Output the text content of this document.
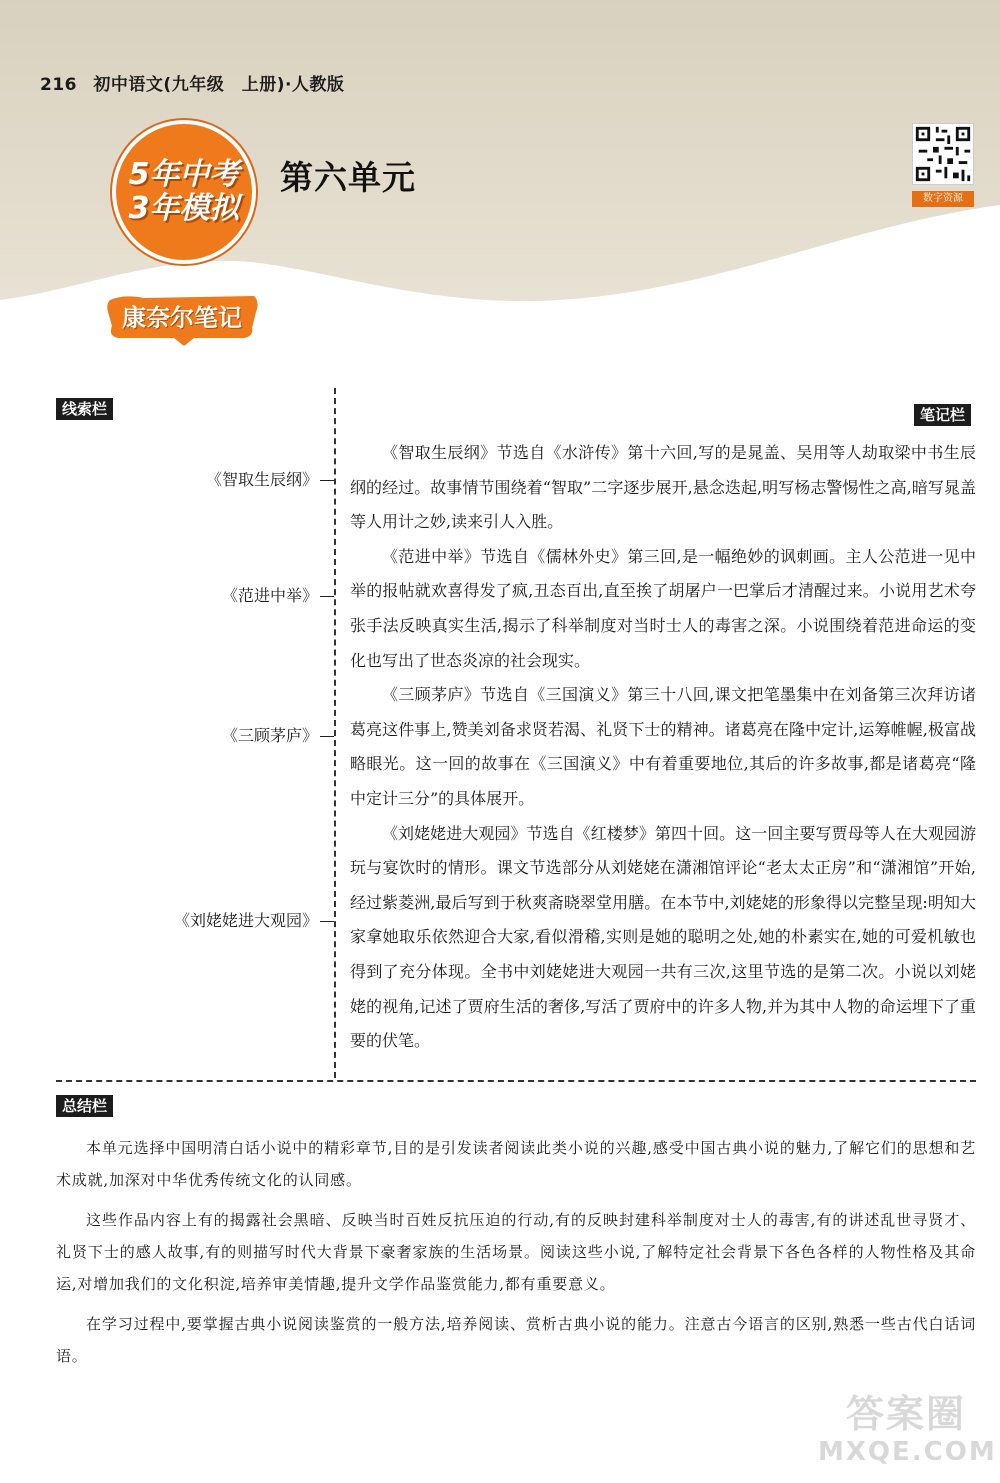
216 初中语文(九年级　上册)·人教版
5年中考
3年模拟
第六单元
数字资源
康奈尔笔记
线索栏	笔记栏
《智取生辰纲》
《范进中举》
《三顾茅庐》
《刘姥姥进大观园》

《智取生辰纲》节选自《水浒传》第十六回,写的是晁盖、吴用等人劫取梁中书生辰纲的经过。故事情节围绕着“智取”二字逐步展开,悬念迭起,明写杨志警惕性之高,暗写晁盖等人用计之妙,读来引人入胜。

《范进中举》节选自《儒林外史》第三回,是一幅绝妙的讽刺画。主人公范进一见中举的报帖就欢喜得发了疯,丑态百出,直至挨了胡屠户一巴掌后才清醒过来。小说用艺术夸张手法反映真实生活,揭示了科举制度对当时士人的毒害之深。小说围绕着范进命运的变化也写出了世态炎凉的社会现实。

《三顾茅庐》节选自《三国演义》第三十八回,课文把笔墨集中在刘备第三次拜访诸葛亮这件事上,赞美刘备求贤若渴、礼贤下士的精神。诸葛亮在隆中定计,运筹帷幄,极富战略眼光。这一回的故事在《三国演义》中有着重要地位,其后的许多故事,都是诸葛亮“隆中定计三分”的具体展开。

《刘姥姥进大观园》节选自《红楼梦》第四十回。这一回主要写贾母等人在大观园游玩与宴饮时的情形。课文节选部分从刘姥姥在潇湘馆评论“老太太正房”和“潇湘馆”开始,经过紫菱洲,最后写到于秋爽斋晓翠堂用膳。在本节中,刘姥姥的形象得以完整呈现:明知大家拿她取乐依然迎合大家,看似滑稽,实则是她的聪明之处,她的朴素实在,她的可爱机敏也得到了充分体现。全书中刘姥姥进大观园一共有三次,这里节选的是第二次。小说以刘姥姥的视角,记述了贾府生活的奢侈,写活了贾府中的许多人物,并为其中人物的命运埋下了重要的伏笔。

总结栏

本单元选择中国明清白话小说中的精彩章节,目的是引发读者阅读此类小说的兴趣,感受中国古典小说的魅力,了解它们的思想和艺术成就,加深对中华优秀传统文化的认同感。

这些作品内容上有的揭露社会黑暗、反映当时百姓反抗压迫的行动,有的反映封建科举制度对士人的毒害,有的讲述乱世寻贤才、礼贤下士的感人故事,有的则描写时代大背景下豪奢家族的生活场景。阅读这些小说,了解特定社会背景下各色各样的人物性格及其命运,对增加我们的文化积淀,培养审美情趣,提升文学作品鉴赏能力,都有重要意义。

在学习过程中,要掌握古典小说阅读鉴赏的一般方法,培养阅读、赏析古典小说的能力。注意古今语言的区别,熟悉一些古代白话词语。

答案圈
MXQE.COM
